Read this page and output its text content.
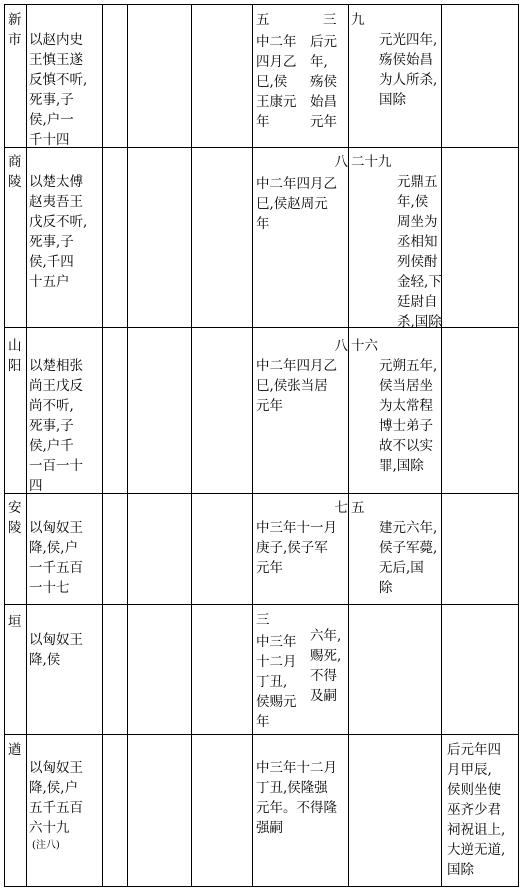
新
市 以赵内史
王慎王遂
反慎不听,
死事,子
侯,户一
千十四
五	三
中二年
四月乙
巳,侯
王康元
年
后元
年,
殇侯
始昌
元年
九
元光四年,
殇侯始昌
为人所杀,
国除
商
陵 以楚太傅
赵夷吾王
戊反不听,
死事,子
侯,千四
十五户
八
中二年四月乙
巳,侯赵周元
年
二十九
元鼎五
年,侯
周坐为
丞相知
列侯酎
金轻,下
廷尉自
杀,国除
山
阳 以楚相张
尚王戊反
尚不听,
死事,子
侯,户千
一百一十
四
八
中二年四月乙
巳,侯张当居
元年
十六
元朔五年,
侯当居坐
为太常程
博士弟子
故不以实
罪,国除
安
陵 以匈奴王
降,侯,户
一千五百
一十七
七
中三年十一月
庚子,侯子军
元年
五
建元六年,
侯子军薨,
无后,国
除
垣
以匈奴王
降,侯
三
中三年
十二月
丁丑,
侯赐元
年
六年,
赐死,
不得
及嗣
遒
以匈奴王
降,侯,户
五千五百
六十九
(注八)
中三年十二月
丁丑,侯隆强
元年。不得隆
强嗣
后元年四
月甲辰,
侯则坐使
巫齐少君
祠祝诅上,
大逆无道,
国除
